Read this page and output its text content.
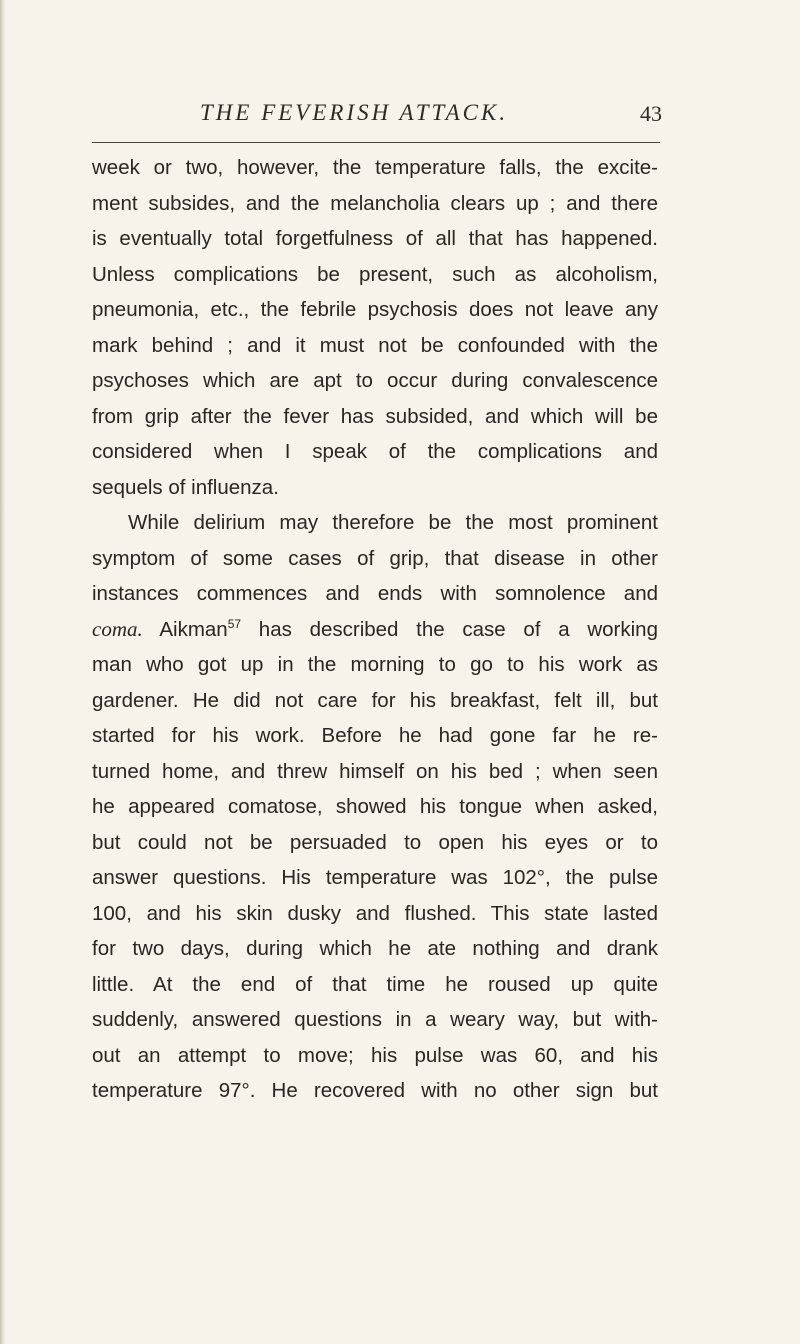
THE FEVERISH ATTACK.	43
week or two, however, the temperature falls, the excite-
ment subsides, and the melancholia clears up ; and there
is eventually total forgetfulness of all that has happened.
Unless complications be present, such as alcoholism,
pneumonia, etc., the febrile psychosis does not leave any
mark behind ; and it must not be confounded with the
psychoses which are apt to occur during convalescence
from grip after the fever has subsided, and which will be
considered when I speak of the complications and
sequels of influenza.
While delirium may therefore be the most prominent
symptom of some cases of grip, that disease in other
instances commences and ends with somnolence and
coma. Aikman$^{57}$ has described the case of a working
man who got up in the morning to go to his work as
gardener. He did not care for his breakfast, felt ill, but
started for his work. Before he had gone far he re-
turned home, and threw himself on his bed ; when seen
he appeared comatose, showed his tongue when asked,
but could not be persuaded to open his eyes or to
answer questions. His temperature was 102°, the pulse
100, and his skin dusky and flushed. This state lasted
for two days, during which he ate nothing and drank
little. At the end of that time he roused up quite
suddenly, answered questions in a weary way, but with-
out an attempt to move; his pulse was 60, and his
temperature 97°. He recovered with no other sign but
